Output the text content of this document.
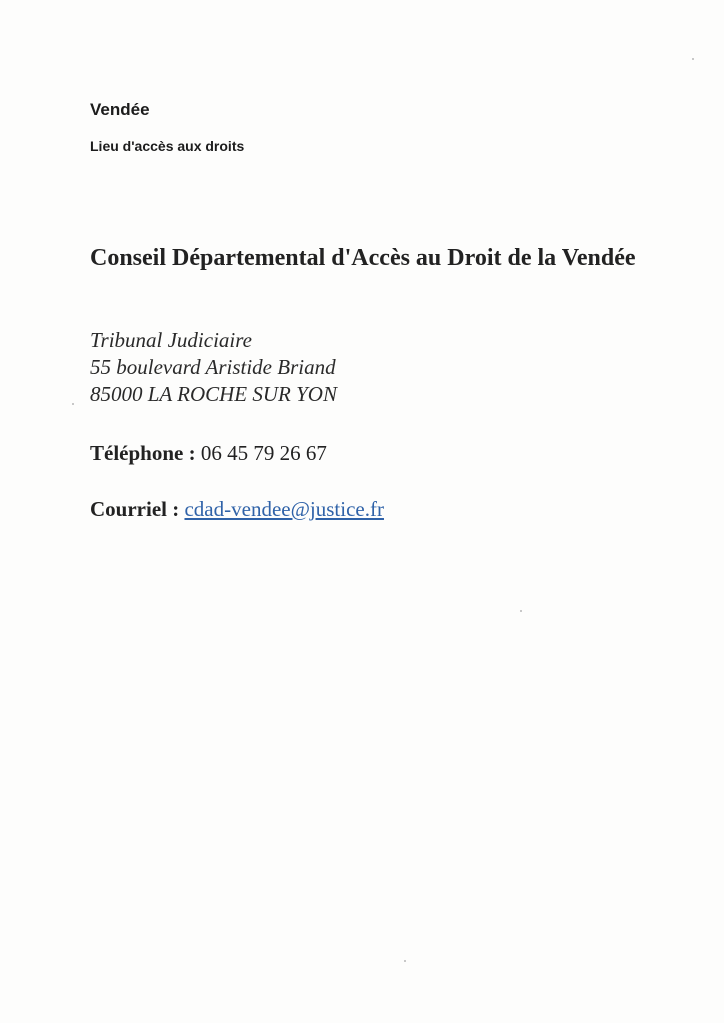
Vendée
Lieu d'accès aux droits
Conseil Départemental d'Accès au Droit de la Vendée
Tribunal Judiciaire
55 boulevard Aristide Briand
85000 LA ROCHE SUR YON
Téléphone : 06 45 79 26 67
Courriel : cdad-vendee@justice.fr
